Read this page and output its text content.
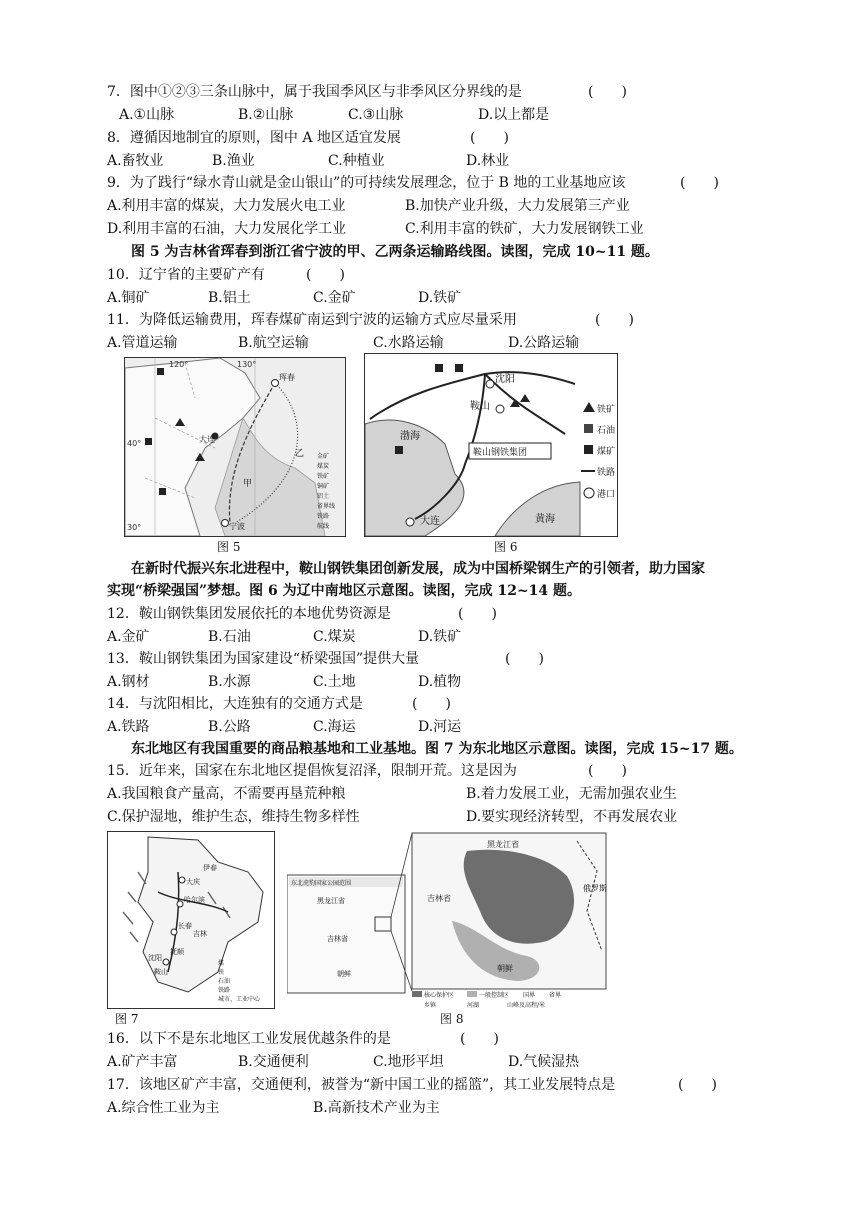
7．图中①②③三条山脉中，属于我国季风区与非季风区分界线的是	(　　)
A.①山脉	B.②山脉	C.③山脉	D.以上都是
8．遵循因地制宜的原则，图中 A 地区适宜发展	(　　)
A.畜牧业	B.渔业	C.种植业	D.林业
9．为了践行“绿水青山就是金山银山”的可持续发展理念，位于 B 地的工业基地应该	(　　)
A.利用丰富的煤炭，大力发展火电工业	B.加快产业升级，大力发展第三产业
D.利用丰富的石油，大力发展化学工业	C.利用丰富的铁矿，大力发展钢铁工业
图 5 为吉林省珲春到浙江省宁波的甲、乙两条运输路线图。读图，完成 10~11 题。
10．辽宁省的主要矿产有	(　　)
A.铜矿	B.铝土	C.金矿	D.铁矿
11．为降低运输费用，珲春煤矿南运到宁波的运输方式应尽量采用	(　　)
A.管道运输	B.航空运输	C.水路运输	D.公路运输
120°	130°
40°
30°
大连
宁波
珲春
甲
乙 金矿
煤炭
铁矿
铜矿
铝土
省界线
铁路
航线
图 5
沈阳
鞍山
渤海
鞍山钢铁集团
大连	黄海
铁矿
石油
煤矿
铁路
港口
图 6
在新时代振兴东北进程中，鞍山钢铁集团创新发展，成为中国桥梁钢生产的引领者，助力国家
实现“桥梁强国”梦想。图 6 为辽中南地区示意图。读图，完成 12~14 题。
12．鞍山钢铁集团发展依托的本地优势资源是	(　　)
A.金矿	B.石油	C.煤炭	D.铁矿
13．鞍山钢铁集团为国家建设“桥梁强国”提供大量	(　　)
A.钢材	B.水源	C.土地	D.植物
14．与沈阳相比，大连独有的交通方式是	(　　)
A.铁路	B.公路	C.海运	D.河运
东北地区有我国重要的商品粮基地和工业基地。图 7 为东北地区示意图。读图，完成 15~17 题。
15．近年来，国家在东北地区提倡恢复沼泽，限制开荒。这是因为	(　　)
A.我国粮食产量高，不需要再垦荒种粮	B.着力发展工业，无需加强农业生
C.保护湿地，维护生态，维持生物多样性	D.要实现经济转型，不再发展农业
伊春
大庆
哈尔滨
长春
吉林
抚顺
沈阳
鞍山
煤
铁
石油
铁路
城市、工业中心
图 7
东北虎豹国家公园范围
黑龙江省
吉林省
朝鲜
黑龙江省
吉林省
朝鲜
俄罗斯
核心保护区	一般控制区 国界 省界
乡镇	河湖	山峰及高程/米
图 8
16．以下不是东北地区工业发展优越条件的是	(　　)
A.矿产丰富	B.交通便利	C.地形平坦	D.气候湿热
17．该地区矿产丰富，交通便利，被誉为“新中国工业的摇篮”，其工业发展特点是	(　　)
A.综合性工业为主	B.高新技术产业为主
